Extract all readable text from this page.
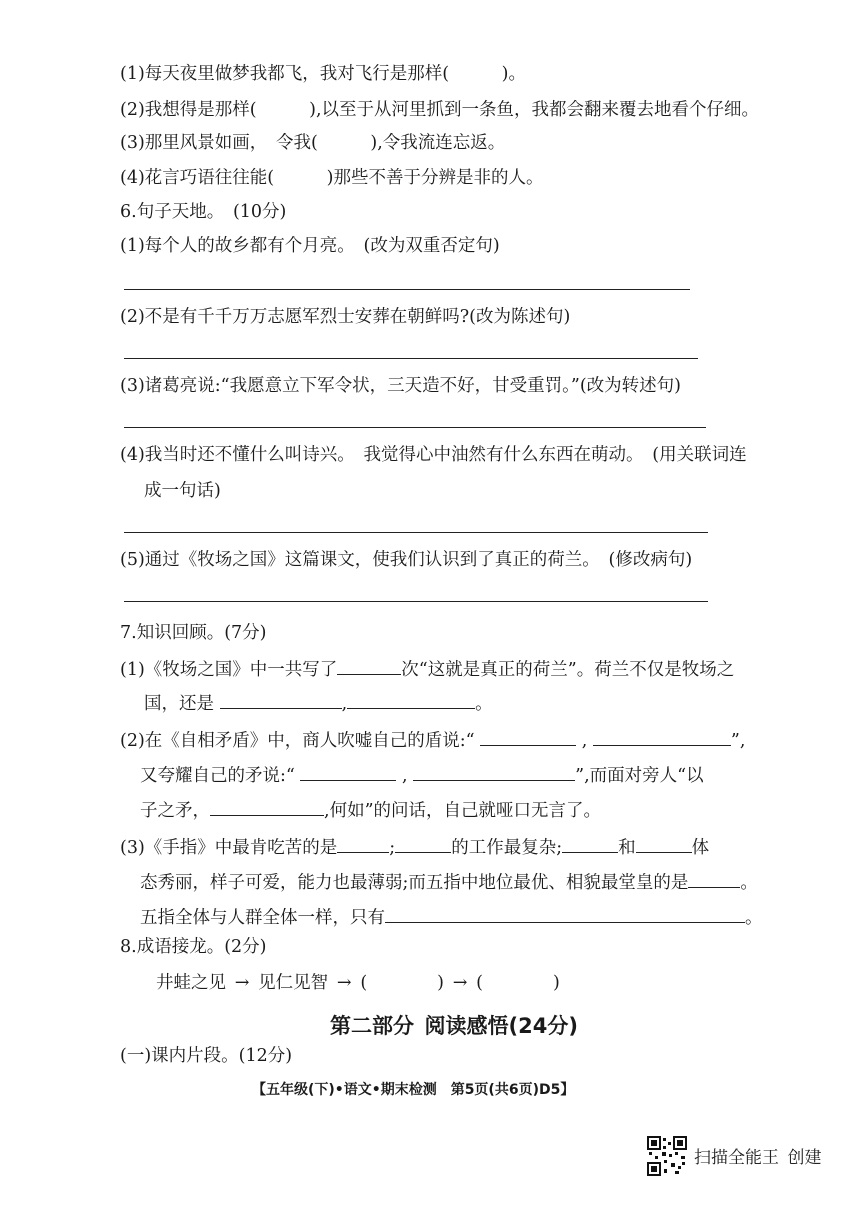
(1)每天夜里做梦我都飞，我对飞行是那样(　　　)。
(2)我想得是那样(　　　),以至于从河里抓到一条鱼，我都会翻来覆去地看个仔细。
(3)那里风景如画，　令我(　　　),令我流连忘返。
(4)花言巧语往往能(　　　)那些不善于分辨是非的人。
6.句子天地。　(10分)
(1)每个人的故乡都有个月亮。　(改为双重否定句)
(2)不是有千千万万志愿军烈士安葬在朝鲜吗?(改为陈述句)
(3)诸葛亮说:“我愿意立下军令状，三天造不好，甘受重罚。”(改为转述句)
(4)我当时还不懂什么叫诗兴。　我觉得心中油然有什么东西在萌动。　(用关联词连
成一句话)
(5)通过《牧场之国》这篇课文，使我们认识到了真正的荷兰。　(修改病句)
7.知识回顾。(7分)
(1)《牧场之国》中一共写了	次“这就是真正的荷兰”。荷兰不仅是牧场之
国，还是	,	。
(2)在《自相矛盾》中，商人吹嘘自己的盾说:“	,	”,
又夸耀自己的矛说:“	,	”,而面对旁人“以
子之矛，	,何如”的问话，自己就哑口无言了。
(3)《手指》中最肯吃苦的是	;	的工作最复杂;	和	体
态秀丽，样子可爱，能力也最薄弱;而五指中地位最优、相貌最堂皇的是	。
五指全体与人群全体一样，只有	。
8.成语接龙。(2分)
井蛙之见 → 见仁见智 → (　　　　) → (　　　　)
第二部分 阅读感悟(24分)
(一)课内片段。(12分)
【五年级(下)•语文•期末检测　第5页(共6页)D5】
扫描全能王 创建
